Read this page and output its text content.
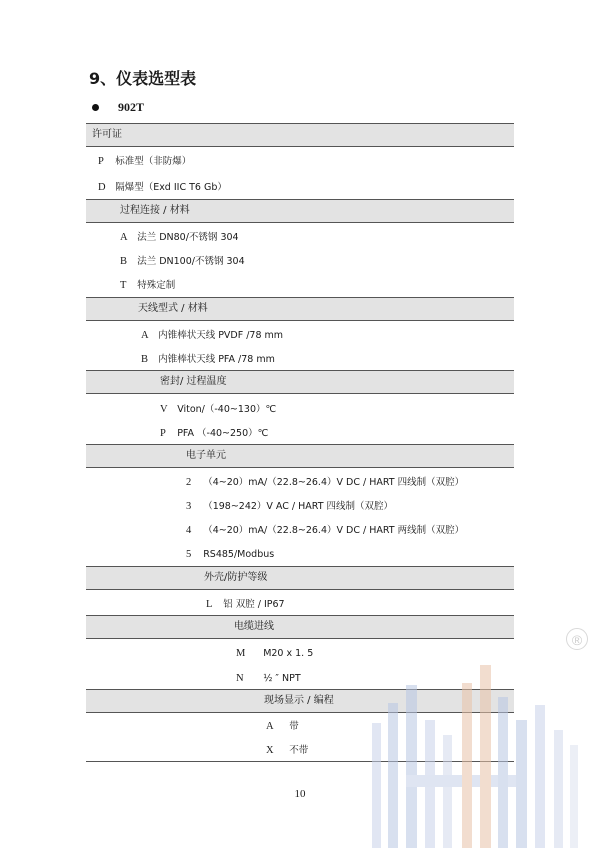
9、仪表选型表
902T
许可证
P 标准型（非防爆）
D 隔爆型（Exd IIC T6 Gb）
过程连接 / 材料
A 法兰 DN80/不锈钢 304
B 法兰 DN100/不锈钢 304
T 特殊定制
天线型式 / 材料
A 内锥棒状天线 PVDF /78 mm
B 内锥棒状天线 PFA /78 mm
密封/ 过程温度
V Viton/（-40~130）℃
P PFA （-40~250）℃
电子单元
2 （4~20）mA/（22.8~26.4）V DC / HART 四线制（双腔）
3 （198~242）V AC / HART 四线制（双腔）
4 （4~20）mA/（22.8~26.4）V DC / HART 两线制（双腔）
5 RS485/Modbus
外壳/防护等级
L 铝 双腔 / IP67
电缆进线
M M20 x 1. 5
N ½ ″ NPT
现场显示 / 编程
A 带
X 不带
10
®
